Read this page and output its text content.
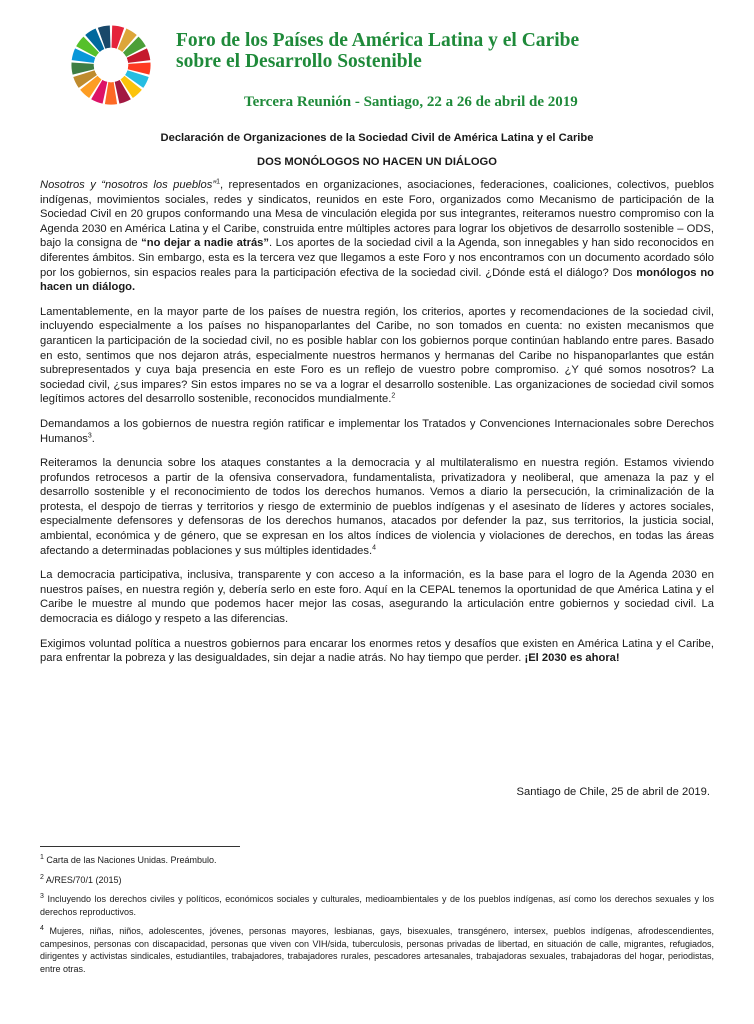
Foro de los Países de América Latina y el Caribe
sobre el Desarrollo Sostenible
Tercera Reunión - Santiago, 22 a 26 de abril de 2019
Declaración de Organizaciones de la Sociedad Civil de América Latina y el Caribe
DOS MONÓLOGOS NO HACEN UN DIÁLOGO

Nosotros y “nosotros los pueblos”$^1$, representados en organizaciones, asociaciones, federaciones, coaliciones, colectivos, pueblos indígenas, movimientos sociales, redes y sindicatos, reunidos en este Foro, organizados como Mecanismo de participación de la Sociedad Civil en 20 grupos conformando una Mesa de vinculación elegida por sus integrantes, reiteramos nuestro compromiso con la Agenda 2030 en América Latina y el Caribe, construida entre múltiples actores para lograr los objetivos de desarrollo sostenible – ODS, bajo la consigna de “no dejar a nadie atrás”. Los aportes de la sociedad civil a la Agenda, son innegables y han sido reconocidos en diferentes ámbitos. Sin embargo, esta es la tercera vez que llegamos a este Foro y nos encontramos con un documento acordado sólo por los gobiernos, sin espacios reales para la participación efectiva de la sociedad civil. ¿Dónde está el diálogo? Dos monólogos no hacen un diálogo.

Lamentablemente, en la mayor parte de los países de nuestra región, los criterios, aportes y recomendaciones de la sociedad civil, incluyendo especialmente a los países no hispanoparlantes del Caribe, no son tomados en cuenta: no existen mecanismos que garanticen la participación de la sociedad civil, no es posible hablar con los gobiernos porque continúan hablando entre pares. Basado en esto, sentimos que nos dejaron atrás, especialmente nuestros hermanos y hermanas del Caribe no hispanoparlantes que están subrepresentados y cuya baja presencia en este Foro es un reflejo de vuestro pobre compromiso. ¿Y qué somos nosotros? La sociedad civil, ¿sus impares? Sin estos impares no se va a lograr el desarrollo sostenible. Las organizaciones de sociedad civil somos legítimos actores del desarrollo sostenible, reconocidos mundialmente.$^2$

Demandamos a los gobiernos de nuestra región ratificar e implementar los Tratados y Convenciones Internacionales sobre Derechos Humanos$^3$.

Reiteramos la denuncia sobre los ataques constantes a la democracia y al multilateralismo en nuestra región. Estamos viviendo profundos retrocesos a partir de la ofensiva conservadora, fundamentalista, privatizadora y neoliberal, que amenaza la paz y el desarrollo sostenible y el reconocimiento de todos los derechos humanos. Vemos a diario la persecución, la criminalización de la protesta, el despojo de tierras y territorios y riesgo de exterminio de pueblos indígenas y el asesinato de líderes y actores sociales, especialmente defensores y defensoras de los derechos humanos, atacados por defender la paz, sus territorios, la justicia social, ambiental, económica y de género, que se expresan en los altos índices de violencia y violaciones de derechos, en todas las áreas afectando a determinadas poblaciones y sus múltiples identidades.$^4$

La democracia participativa, inclusiva, transparente y con acceso a la información, es la base para el logro de la Agenda 2030 en nuestros países, en nuestra región y, debería serlo en este foro. Aquí en la CEPAL tenemos la oportunidad de que América Latina y el Caribe le muestre al mundo que podemos hacer mejor las cosas, asegurando la articulación entre gobiernos y sociedad civil. La democracia es diálogo y respeto a las diferencias.

Exigimos voluntad política a nuestros gobiernos para encarar los enormes retos y desafíos que existen en América Latina y el Caribe, para enfrentar la pobreza y las desigualdades, sin dejar a nadie atrás. No hay tiempo que perder. ¡El 2030 es ahora!

Santiago de Chile, 25 de abril de 2019.
$^1$ Carta de las Naciones Unidas. Preámbulo.
$^2$ A/RES/70/1 (2015)
$^3$ Incluyendo los derechos civiles y políticos, económicos sociales y culturales, medioambientales y de los pueblos indígenas, así como los derechos sexuales y los derechos reproductivos.
$^4$ Mujeres, niñas, niños, adolescentes, jóvenes, personas mayores, lesbianas, gays, bisexuales, transgénero, intersex, pueblos indígenas, afrodescendientes, campesinos, personas con discapacidad, personas que viven con VIH/sida, tuberculosis, personas privadas de libertad, en situación de calle, migrantes, refugiados, dirigentes y activistas sindicales, estudiantiles, trabajadores, trabajadores rurales, pescadores artesanales, trabajadoras sexuales, trabajadoras del hogar, periodistas, entre otras.
